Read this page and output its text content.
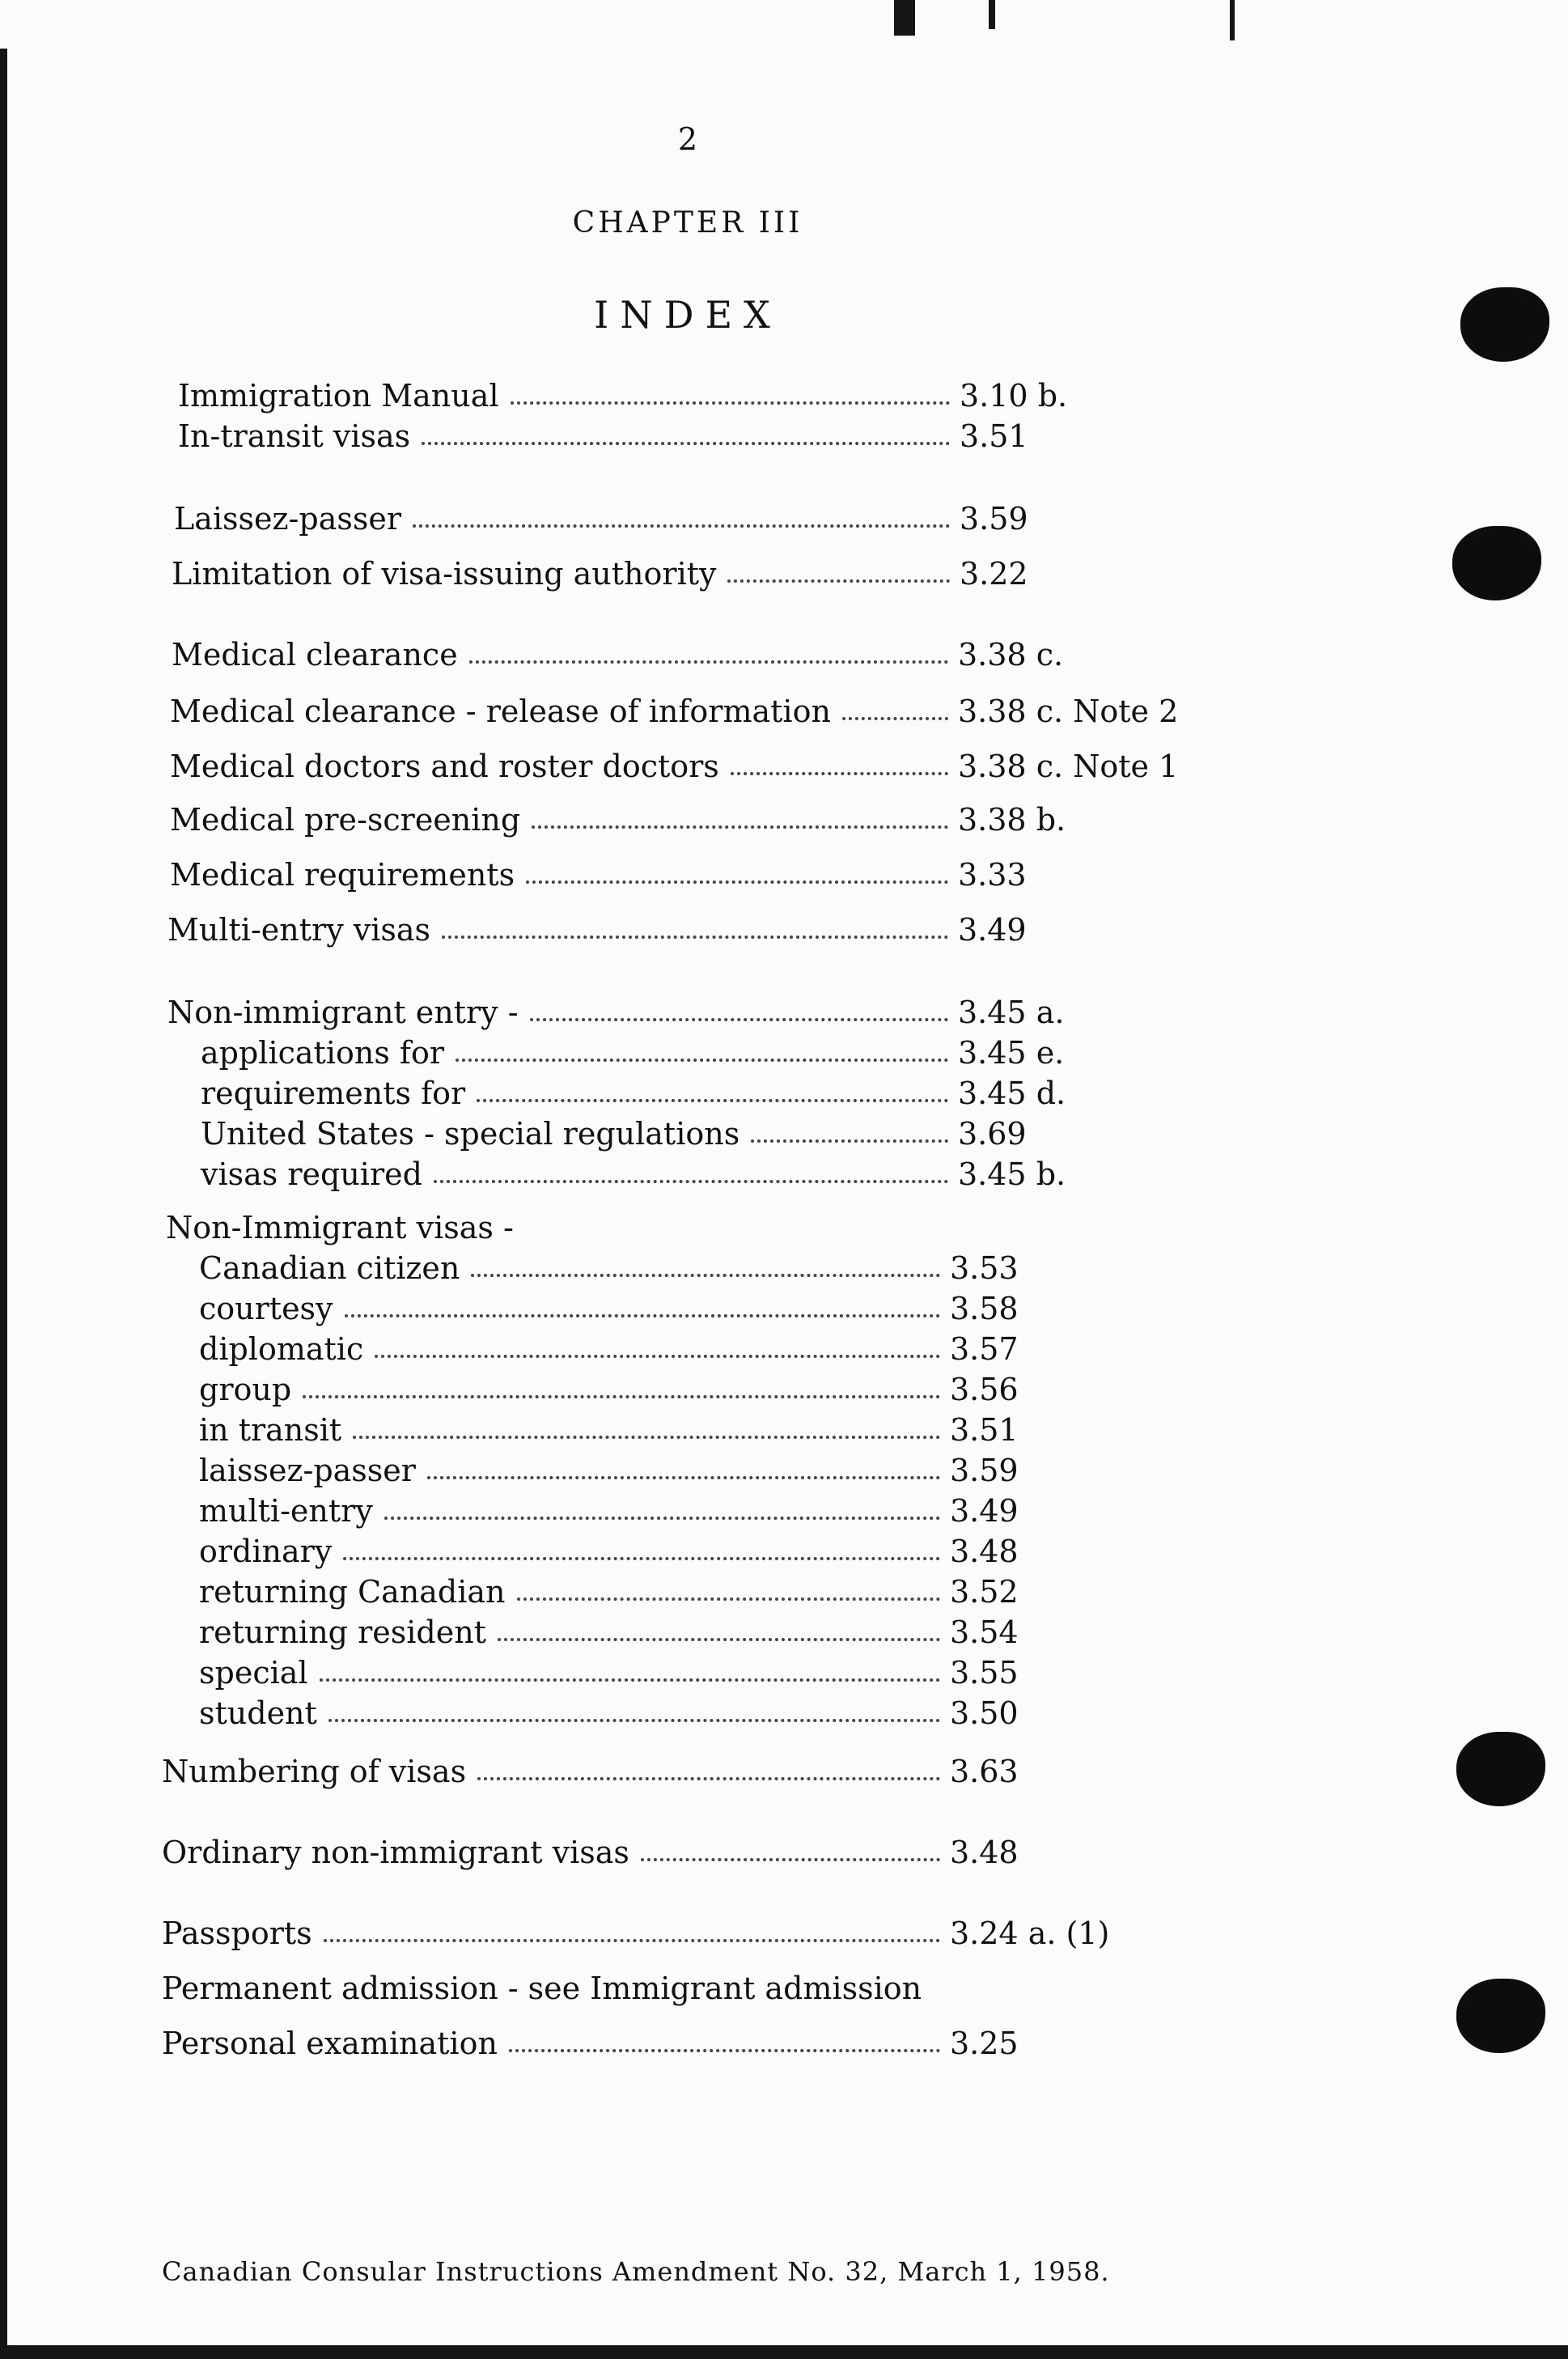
2
CHAPTER III
INDEX
Immigration Manual	3.10 b.
In-transit visas	3.51
Laissez-passer	3.59
Limitation of visa-issuing authority	3.22
Medical clearance	3.38 c.
Medical clearance - release of information	3.38 c. Note 2
Medical doctors and roster doctors	3.38 c. Note 1
Medical pre-screening	3.38 b.
Medical requirements	3.33
Multi-entry visas	3.49
Non-immigrant entry -	3.45 a.
applications for	3.45 e.
requirements for	3.45 d.
United States - special regulations	3.69
visas required	3.45 b.
Non-Immigrant visas -
Canadian citizen	3.53
courtesy	3.58
diplomatic	3.57
group	3.56
in transit	3.51
laissez-passer	3.59
multi-entry	3.49
ordinary	3.48
returning Canadian	3.52
returning resident	3.54
special	3.55
student	3.50
Numbering of visas	3.63
Ordinary non-immigrant visas	3.48
Passports	3.24 a. (1)
Permanent admission - see Immigrant admission
Personal examination	3.25
Canadian Consular Instructions Amendment No. 32, March 1, 1958.
